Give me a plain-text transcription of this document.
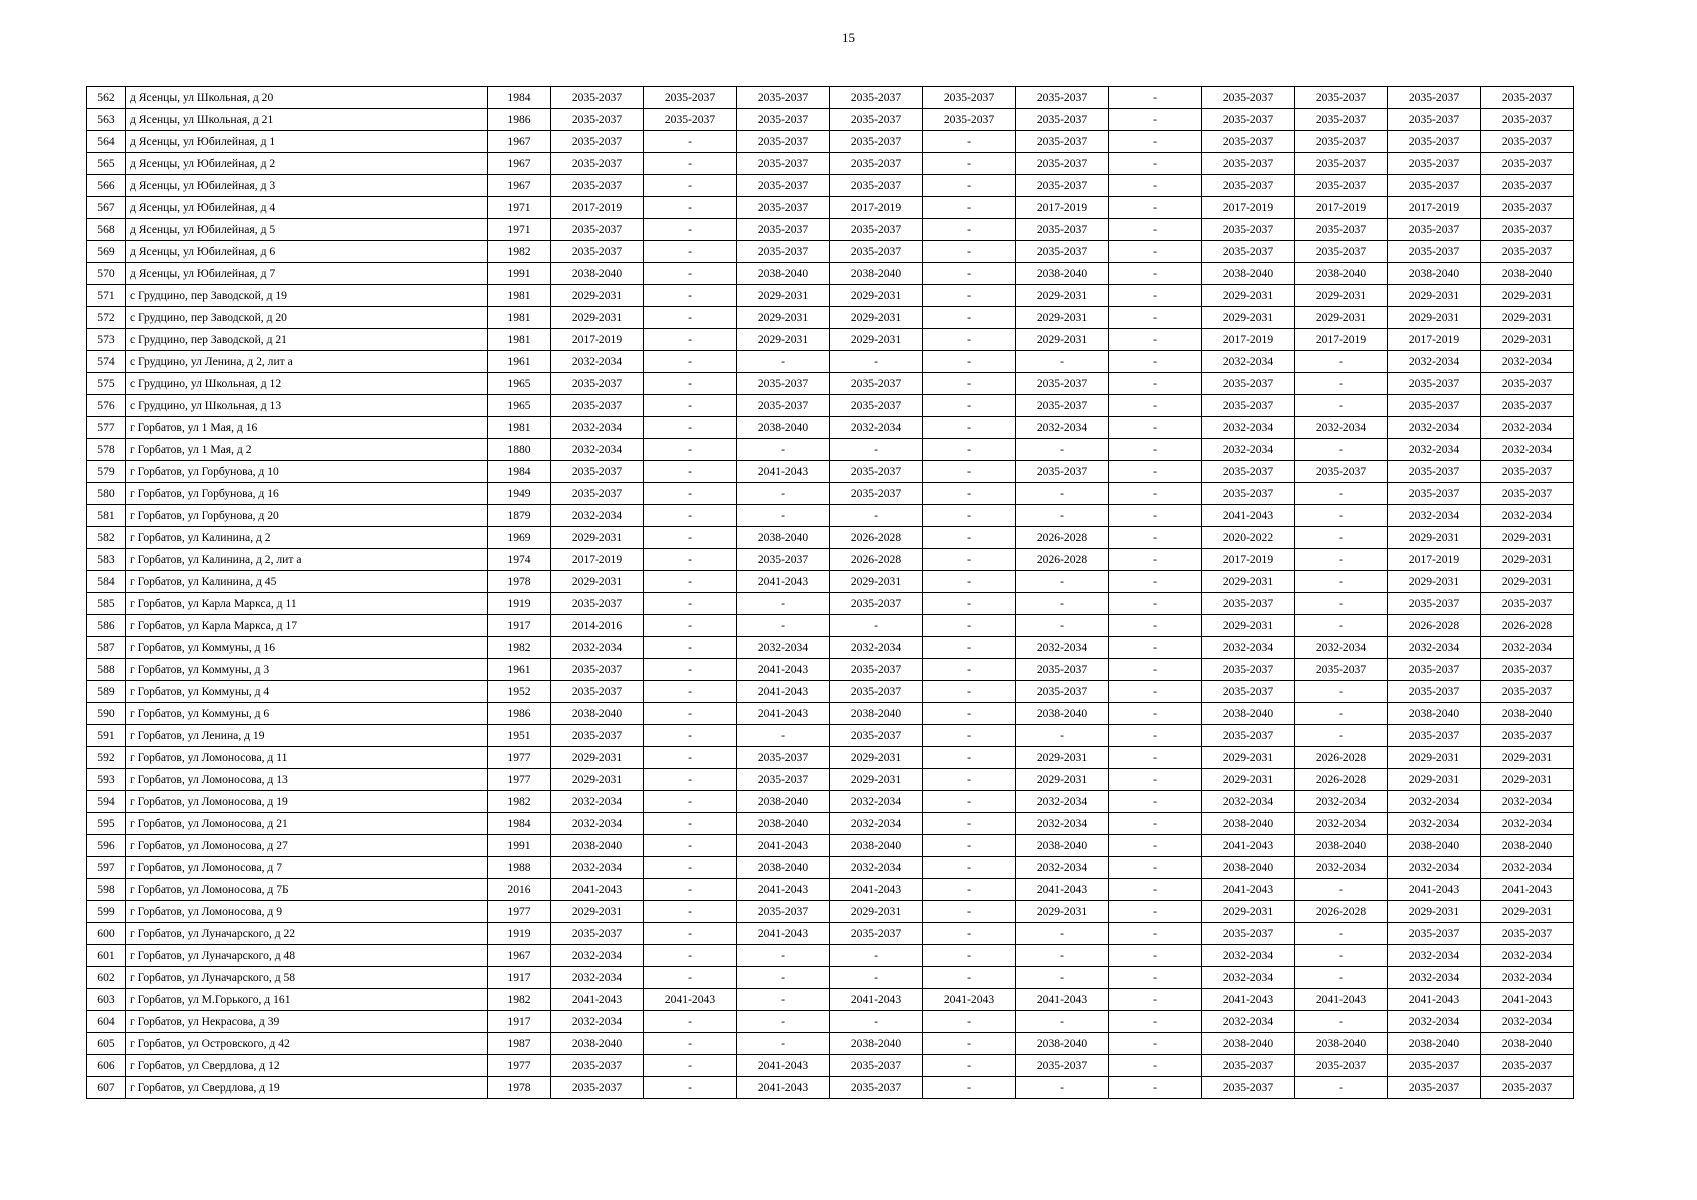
15
562	д Ясенцы, ул Школьная, д 20	1984	2035-2037	2035-2037	2035-2037	2035-2037	2035-2037	2035-2037	-	2035-2037	2035-2037	2035-2037	2035-2037
563	д Ясенцы, ул Школьная, д 21	1986	2035-2037	2035-2037	2035-2037	2035-2037	2035-2037	2035-2037	-	2035-2037	2035-2037	2035-2037	2035-2037
564	д Ясенцы, ул Юбилейная, д 1	1967	2035-2037	-	2035-2037	2035-2037	-	2035-2037	-	2035-2037	2035-2037	2035-2037	2035-2037
565	д Ясенцы, ул Юбилейная, д 2	1967	2035-2037	-	2035-2037	2035-2037	-	2035-2037	-	2035-2037	2035-2037	2035-2037	2035-2037
566	д Ясенцы, ул Юбилейная, д 3	1967	2035-2037	-	2035-2037	2035-2037	-	2035-2037	-	2035-2037	2035-2037	2035-2037	2035-2037
567	д Ясенцы, ул Юбилейная, д 4	1971	2017-2019	-	2035-2037	2017-2019	-	2017-2019	-	2017-2019	2017-2019	2017-2019	2035-2037
568	д Ясенцы, ул Юбилейная, д 5	1971	2035-2037	-	2035-2037	2035-2037	-	2035-2037	-	2035-2037	2035-2037	2035-2037	2035-2037
569	д Ясенцы, ул Юбилейная, д 6	1982	2035-2037	-	2035-2037	2035-2037	-	2035-2037	-	2035-2037	2035-2037	2035-2037	2035-2037
570	д Ясенцы, ул Юбилейная, д 7	1991	2038-2040	-	2038-2040	2038-2040	-	2038-2040	-	2038-2040	2038-2040	2038-2040	2038-2040
571	с Грудцино, пер Заводской, д 19	1981	2029-2031	-	2029-2031	2029-2031	-	2029-2031	-	2029-2031	2029-2031	2029-2031	2029-2031
572	с Грудцино, пер Заводской, д 20	1981	2029-2031	-	2029-2031	2029-2031	-	2029-2031	-	2029-2031	2029-2031	2029-2031	2029-2031
573	с Грудцино, пер Заводской, д 21	1981	2017-2019	-	2029-2031	2029-2031	-	2029-2031	-	2017-2019	2017-2019	2017-2019	2029-2031
574	с Грудцино, ул Ленина, д 2, лит а	1961	2032-2034	-	-	-	-	-	-	2032-2034	-	2032-2034	2032-2034
575	с Грудцино, ул Школьная, д 12	1965	2035-2037	-	2035-2037	2035-2037	-	2035-2037	-	2035-2037	-	2035-2037	2035-2037
576	с Грудцино, ул Школьная, д 13	1965	2035-2037	-	2035-2037	2035-2037	-	2035-2037	-	2035-2037	-	2035-2037	2035-2037
577	г Горбатов, ул 1 Мая, д 16	1981	2032-2034	-	2038-2040	2032-2034	-	2032-2034	-	2032-2034	2032-2034	2032-2034	2032-2034
578	г Горбатов, ул 1 Мая, д 2	1880	2032-2034	-	-	-	-	-	-	2032-2034	-	2032-2034	2032-2034
579	г Горбатов, ул Горбунова, д 10	1984	2035-2037	-	2041-2043	2035-2037	-	2035-2037	-	2035-2037	2035-2037	2035-2037	2035-2037
580	г Горбатов, ул Горбунова, д 16	1949	2035-2037	-	-	2035-2037	-	-	-	2035-2037	-	2035-2037	2035-2037
581	г Горбатов, ул Горбунова, д 20	1879	2032-2034	-	-	-	-	-	-	2041-2043	-	2032-2034	2032-2034
582	г Горбатов, ул Калинина, д 2	1969	2029-2031	-	2038-2040	2026-2028	-	2026-2028	-	2020-2022	-	2029-2031	2029-2031
583	г Горбатов, ул Калинина, д 2, лит а	1974	2017-2019	-	2035-2037	2026-2028	-	2026-2028	-	2017-2019	-	2017-2019	2029-2031
584	г Горбатов, ул Калинина, д 45	1978	2029-2031	-	2041-2043	2029-2031	-	-	-	2029-2031	-	2029-2031	2029-2031
585	г Горбатов, ул Карла Маркса, д 11	1919	2035-2037	-	-	2035-2037	-	-	-	2035-2037	-	2035-2037	2035-2037
586	г Горбатов, ул Карла Маркса, д 17	1917	2014-2016	-	-	-	-	-	-	2029-2031	-	2026-2028	2026-2028
587	г Горбатов, ул Коммуны, д 16	1982	2032-2034	-	2032-2034	2032-2034	-	2032-2034	-	2032-2034	2032-2034	2032-2034	2032-2034
588	г Горбатов, ул Коммуны, д 3	1961	2035-2037	-	2041-2043	2035-2037	-	2035-2037	-	2035-2037	2035-2037	2035-2037	2035-2037
589	г Горбатов, ул Коммуны, д 4	1952	2035-2037	-	2041-2043	2035-2037	-	2035-2037	-	2035-2037	-	2035-2037	2035-2037
590	г Горбатов, ул Коммуны, д 6	1986	2038-2040	-	2041-2043	2038-2040	-	2038-2040	-	2038-2040	-	2038-2040	2038-2040
591	г Горбатов, ул Ленина, д 19	1951	2035-2037	-	-	2035-2037	-	-	-	2035-2037	-	2035-2037	2035-2037
592	г Горбатов, ул Ломоносова, д 11	1977	2029-2031	-	2035-2037	2029-2031	-	2029-2031	-	2029-2031	2026-2028	2029-2031	2029-2031
593	г Горбатов, ул Ломоносова, д 13	1977	2029-2031	-	2035-2037	2029-2031	-	2029-2031	-	2029-2031	2026-2028	2029-2031	2029-2031
594	г Горбатов, ул Ломоносова, д 19	1982	2032-2034	-	2038-2040	2032-2034	-	2032-2034	-	2032-2034	2032-2034	2032-2034	2032-2034
595	г Горбатов, ул Ломоносова, д 21	1984	2032-2034	-	2038-2040	2032-2034	-	2032-2034	-	2038-2040	2032-2034	2032-2034	2032-2034
596	г Горбатов, ул Ломоносова, д 27	1991	2038-2040	-	2041-2043	2038-2040	-	2038-2040	-	2041-2043	2038-2040	2038-2040	2038-2040
597	г Горбатов, ул Ломоносова, д 7	1988	2032-2034	-	2038-2040	2032-2034	-	2032-2034	-	2038-2040	2032-2034	2032-2034	2032-2034
598	г Горбатов, ул Ломоносова, д 7Б	2016	2041-2043	-	2041-2043	2041-2043	-	2041-2043	-	2041-2043	-	2041-2043	2041-2043
599	г Горбатов, ул Ломоносова, д 9	1977	2029-2031	-	2035-2037	2029-2031	-	2029-2031	-	2029-2031	2026-2028	2029-2031	2029-2031
600	г Горбатов, ул Луначарского, д 22	1919	2035-2037	-	2041-2043	2035-2037	-	-	-	2035-2037	-	2035-2037	2035-2037
601	г Горбатов, ул Луначарского, д 48	1967	2032-2034	-	-	-	-	-	-	2032-2034	-	2032-2034	2032-2034
602	г Горбатов, ул Луначарского, д 58	1917	2032-2034	-	-	-	-	-	-	2032-2034	-	2032-2034	2032-2034
603	г Горбатов, ул М.Горького, д 161	1982	2041-2043	2041-2043	-	2041-2043	2041-2043	2041-2043	-	2041-2043	2041-2043	2041-2043	2041-2043
604	г Горбатов, ул Некрасова, д 39	1917	2032-2034	-	-	-	-	-	-	2032-2034	-	2032-2034	2032-2034
605	г Горбатов, ул Островского, д 42	1987	2038-2040	-	-	2038-2040	-	2038-2040	-	2038-2040	2038-2040	2038-2040	2038-2040
606	г Горбатов, ул Свердлова, д 12	1977	2035-2037	-	2041-2043	2035-2037	-	2035-2037	-	2035-2037	2035-2037	2035-2037	2035-2037
607	г Горбатов, ул Свердлова, д 19	1978	2035-2037	-	2041-2043	2035-2037	-	-	-	2035-2037	-	2035-2037	2035-2037
